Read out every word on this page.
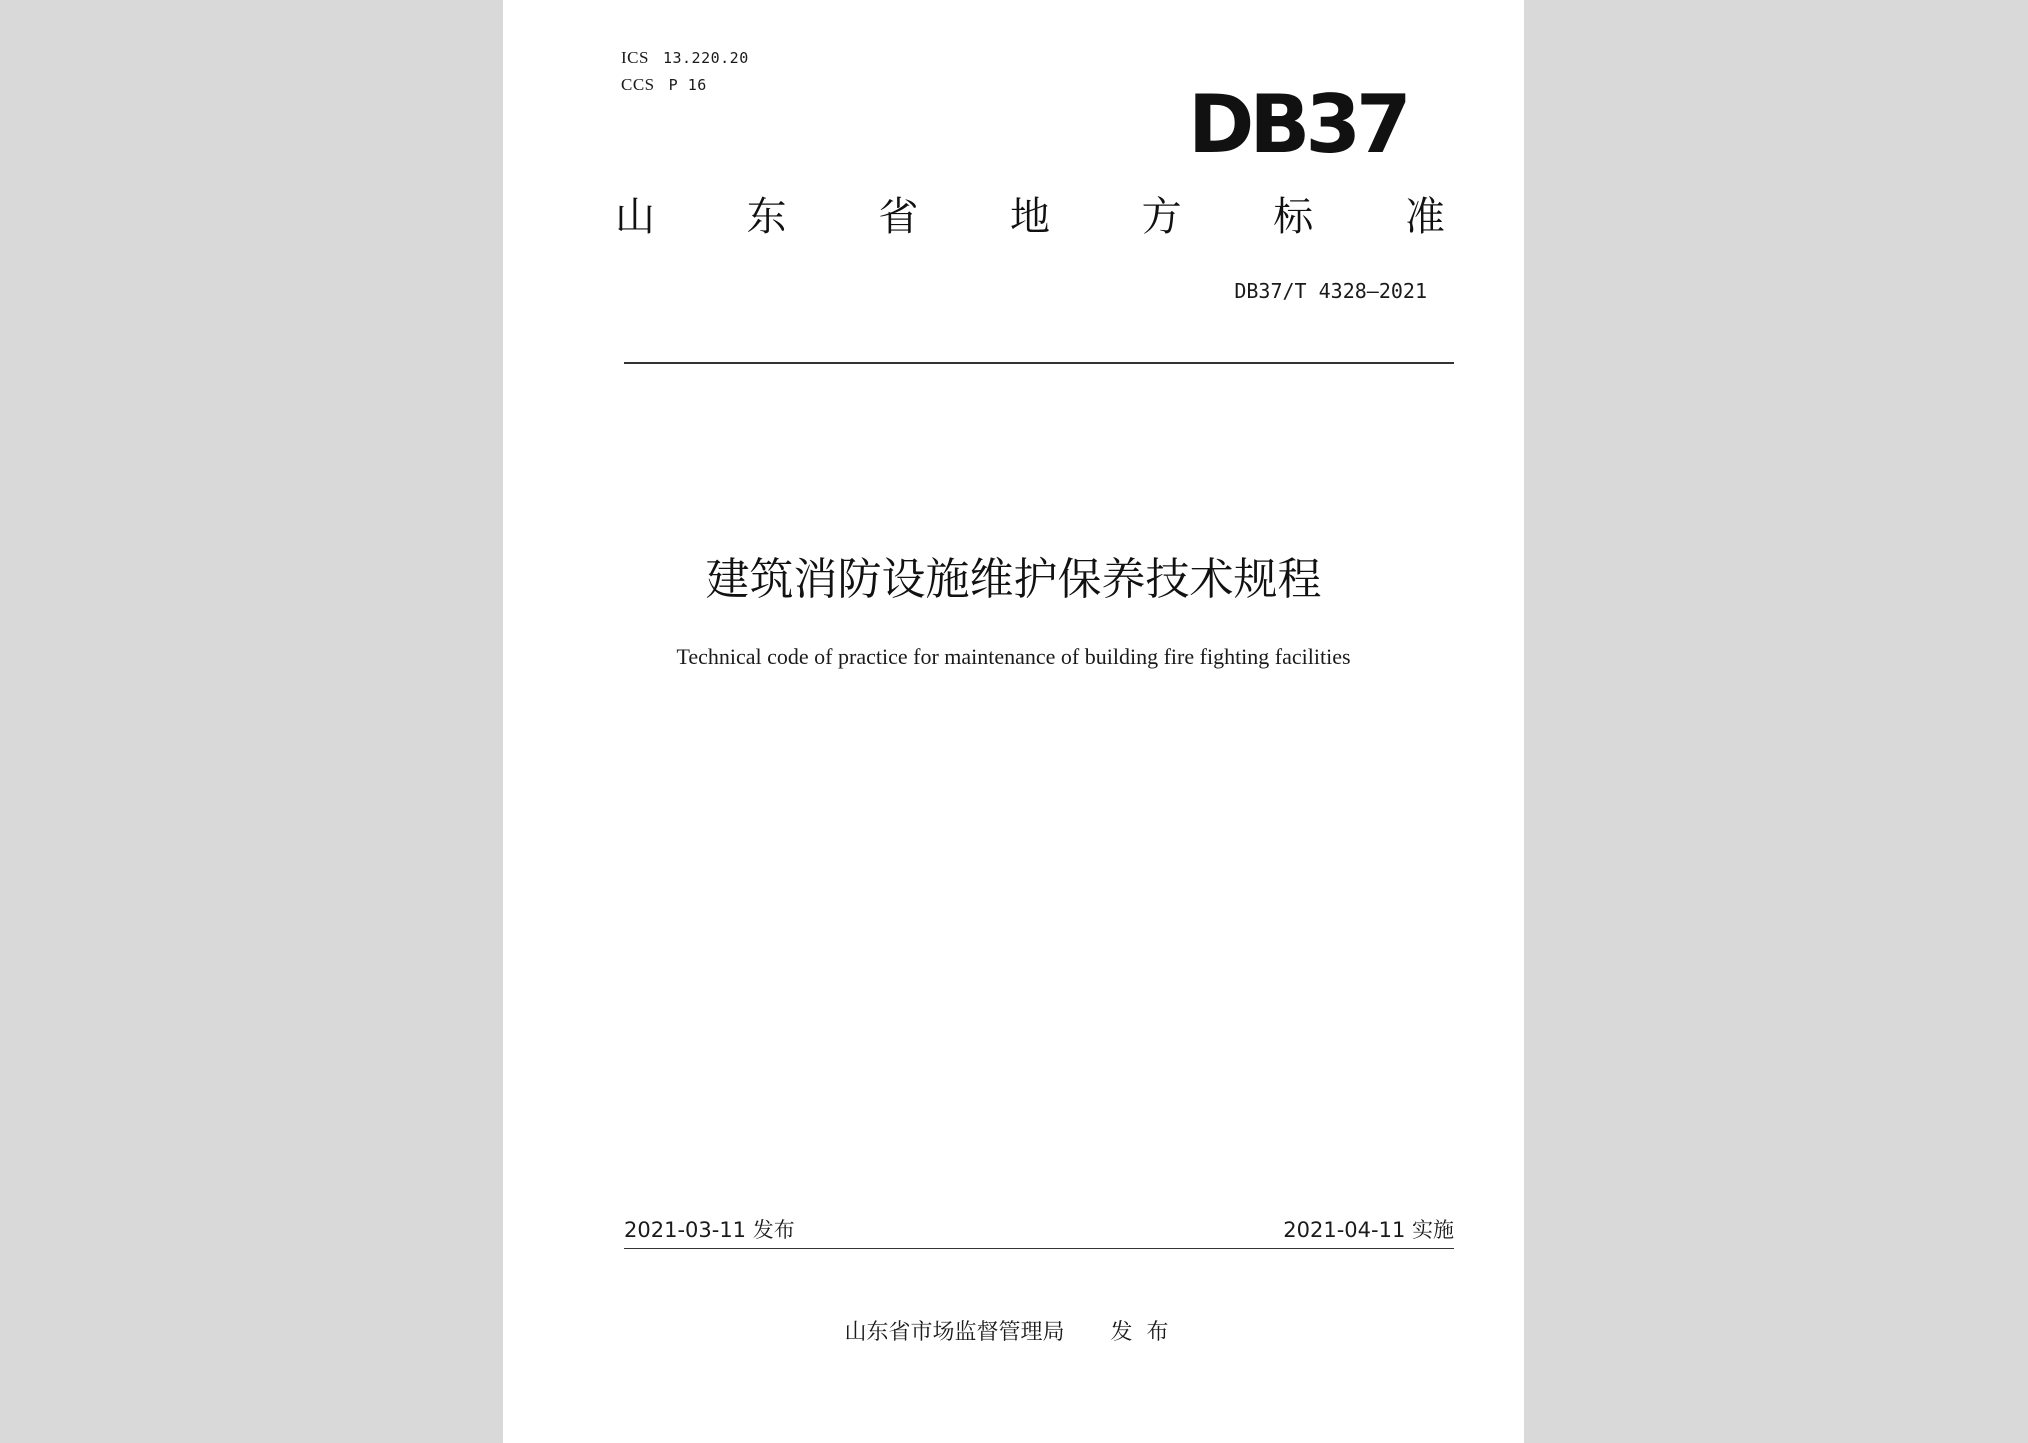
ICS 13.220.20
CCS P 16	DB37
山 东 省 地 方 标 准
DB37/T 4328—2021
建筑消防设施维护保养技术规程
Technical code of practice for maintenance of building fire fighting facilities
2021-03-11 发布	2021-04-11 实施
山东省市场监督管理局 发布
